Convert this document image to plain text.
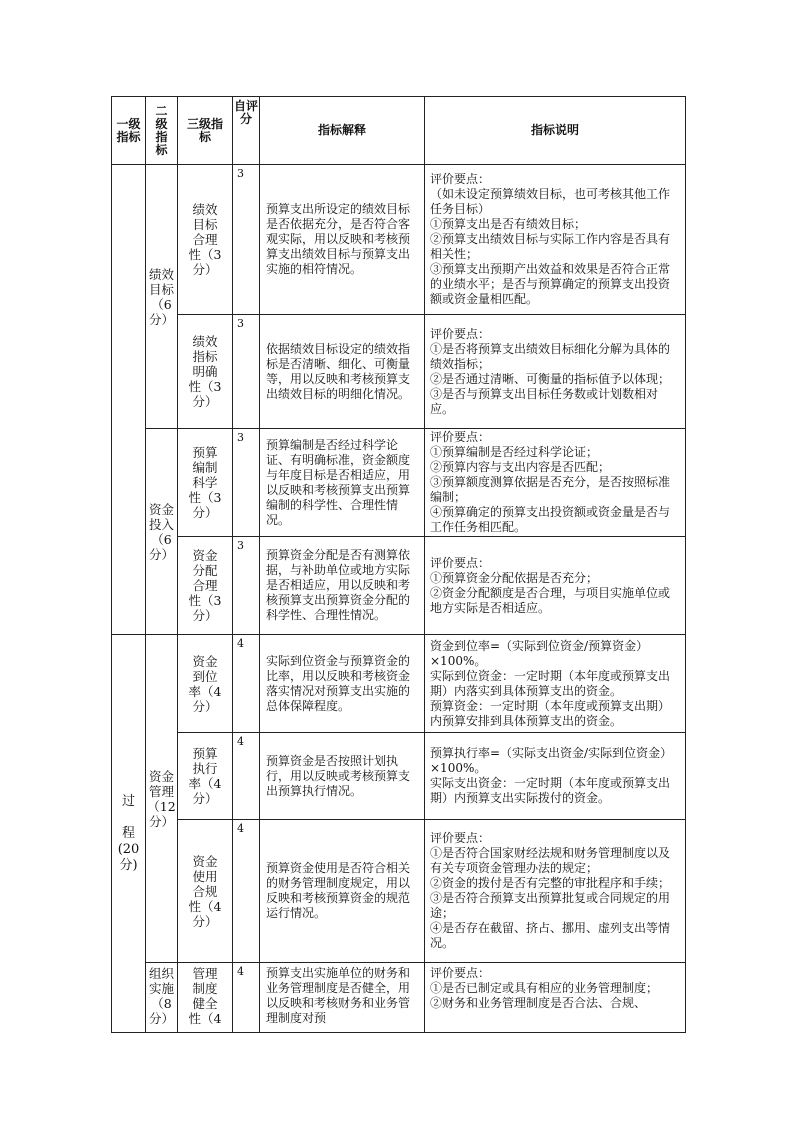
一级
指标	二
级
指
标	三级指
标	自评
分	指标解释	指标说明
	绩效
目标
（6
分）	绩效
目标
合理
性（3
分）	3	预算支出所设定的绩效目标是否依据充分，是否符合客观实际，用以反映和考核预算支出绩效目标与预算支出实施的相符情况。	评价要点：
（如未设定预算绩效目标，也可考核其他工作任务目标）
①预算支出是否有绩效目标；
②预算支出绩效目标与实际工作内容是否具有相关性；
③预算支出预期产出效益和效果是否符合正常的业绩水平；是否与预算确定的预算支出投资额或资金量相匹配。
		绩效
指标
明确
性（3
分）	3	依据绩效目标设定的绩效指标是否清晰、细化、可衡量等，用以反映和考核预算支出绩效目标的明细化情况。	评价要点：
①是否将预算支出绩效目标细化分解为具体的绩效指标；
②是否通过清晰、可衡量的指标值予以体现；
③是否与预算支出目标任务数或计划数相对应。
	资金
投入
（6
分）	预算
编制
科学
性（3
分）	3	预算编制是否经过科学论证、有明确标准，资金额度与年度目标是否相适应，用以反映和考核预算支出预算编制的科学性、合理性情况。	评价要点：
①预算编制是否经过科学论证；
②预算内容与支出内容是否匹配；
③预算额度测算依据是否充分，是否按照标准编制；
④预算确定的预算支出投资额或资金量是否与工作任务相匹配。
		资金
分配
合理
性（3
分）	3	预算资金分配是否有测算依据，与补助单位或地方实际是否相适应，用以反映和考核预算支出预算资金分配的科学性、合理性情况。	评价要点：
①预算资金分配依据是否充分；
②资金分配额度是否合理，与项目实施单位或地方实际是否相适应。
过

程(20
分)	资金
管理
（12
分）	资金
到位
率（4
分）	4	实际到位资金与预算资金的比率，用以反映和考核资金落实情况对预算支出实施的总体保障程度。	资金到位率=（实际到位资金/预算资金）×100%。
实际到位资金：一定时期（本年度或预算支出期）内落实到具体预算支出的资金。
预算资金：一定时期（本年度或预算支出期）内预算安排到具体预算支出的资金。
		预算
执行
率（4
分）	4	预算资金是否按照计划执行，用以反映或考核预算支出预算执行情况。	预算执行率=（实际支出资金/实际到位资金）×100%。
实际支出资金：一定时期（本年度或预算支出期）内预算支出实际拨付的资金。
		资金
使用
合规
性（4
分）	4	预算资金使用是否符合相关的财务管理制度规定，用以反映和考核预算资金的规范运行情况。	评价要点：
①是否符合国家财经法规和财务管理制度以及有关专项资金管理办法的规定；
②资金的拨付是否有完整的审批程序和手续；
③是否符合预算支出预算批复或合同规定的用途；
④是否存在截留、挤占、挪用、虚列支出等情况。
	组织
实施
（8
分）	管理
制度
健全
性（4	4	预算支出实施单位的财务和业务管理制度是否健全，用以反映和考核财务和业务管理制度对预	评价要点：
①是否已制定或具有相应的业务管理制度；
②财务和业务管理制度是否合法、合规、
